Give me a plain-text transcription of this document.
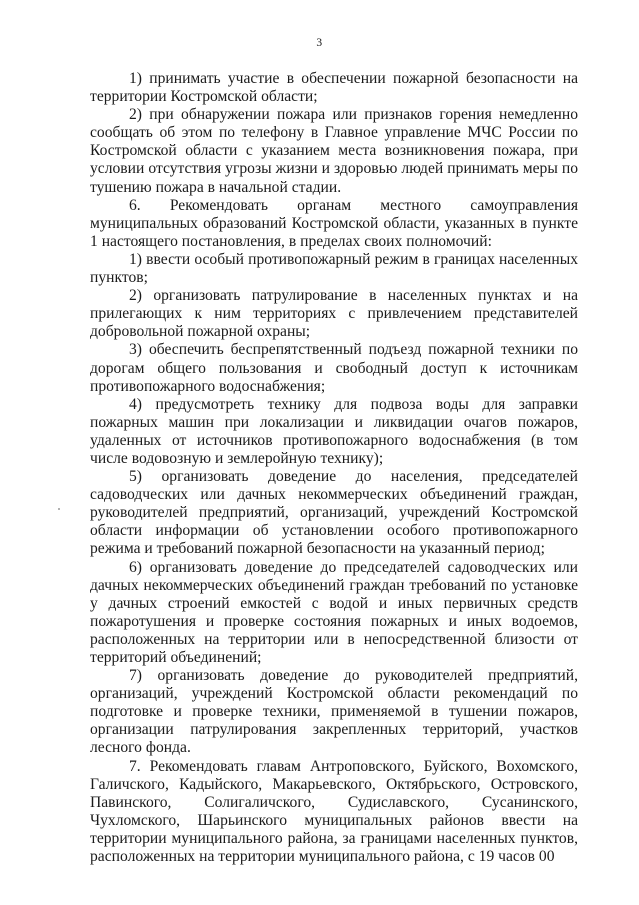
3

1) принимать участие в обеспечении пожарной безопасности на территории Костромской области;

2) при обнаружении пожара или признаков горения немедленно сообщать об этом по телефону в Главное управление МЧС России по Костромской области с указанием места возникновения пожара, при условии отсутствия угрозы жизни и здоровью людей принимать меры по тушению пожара в начальной стадии.

6. Рекомендовать органам местного самоуправления муниципальных образований Костромской области, указанных в пункте 1 настоящего постановления, в пределах своих полномочий:

1) ввести особый противопожарный режим в границах населенных пунктов;

2) организовать патрулирование в населенных пунктах и на прилегающих к ним территориях с привлечением представителей добровольной пожарной охраны;

3) обеспечить беспрепятственный подъезд пожарной техники по дорогам общего пользования и свободный доступ к источникам противопожарного водоснабжения;

4) предусмотреть технику для подвоза воды для заправки пожарных машин при локализации и ликвидации очагов пожаров, удаленных от источников противопожарного водоснабжения (в том числе водовозную и землеройную технику);

5) организовать доведение до населения, председателей садоводческих или дачных некоммерческих объединений граждан, руководителей предприятий, организаций, учреждений Костромской области информации об установлении особого противопожарного режима и требований пожарной безопасности на указанный период;

6) организовать доведение до председателей садоводческих или дачных некоммерческих объединений граждан требований по установке у дачных строений емкостей с водой и иных первичных средств пожаротушения и проверке состояния пожарных и иных водоемов, расположенных на территории или в непосредственной близости от территорий объединений;

7) организовать доведение до руководителей предприятий, организаций, учреждений Костромской области рекомендаций по подготовке и проверке техники, применяемой в тушении пожаров, организации патрулирования закрепленных территорий, участков лесного фонда.

7. Рекомендовать главам Антроповского, Буйского, Вохомского, Галичского, Кадыйского, Макарьевского, Октябрьского, Островского, Павинского, Солигаличского, Судиславского, Сусанинского, Чухломского, Шарьинского муниципальных районов ввести на территории муниципального района, за границами населенных пунктов, расположенных на территории муниципального района, с 19 часов 00
